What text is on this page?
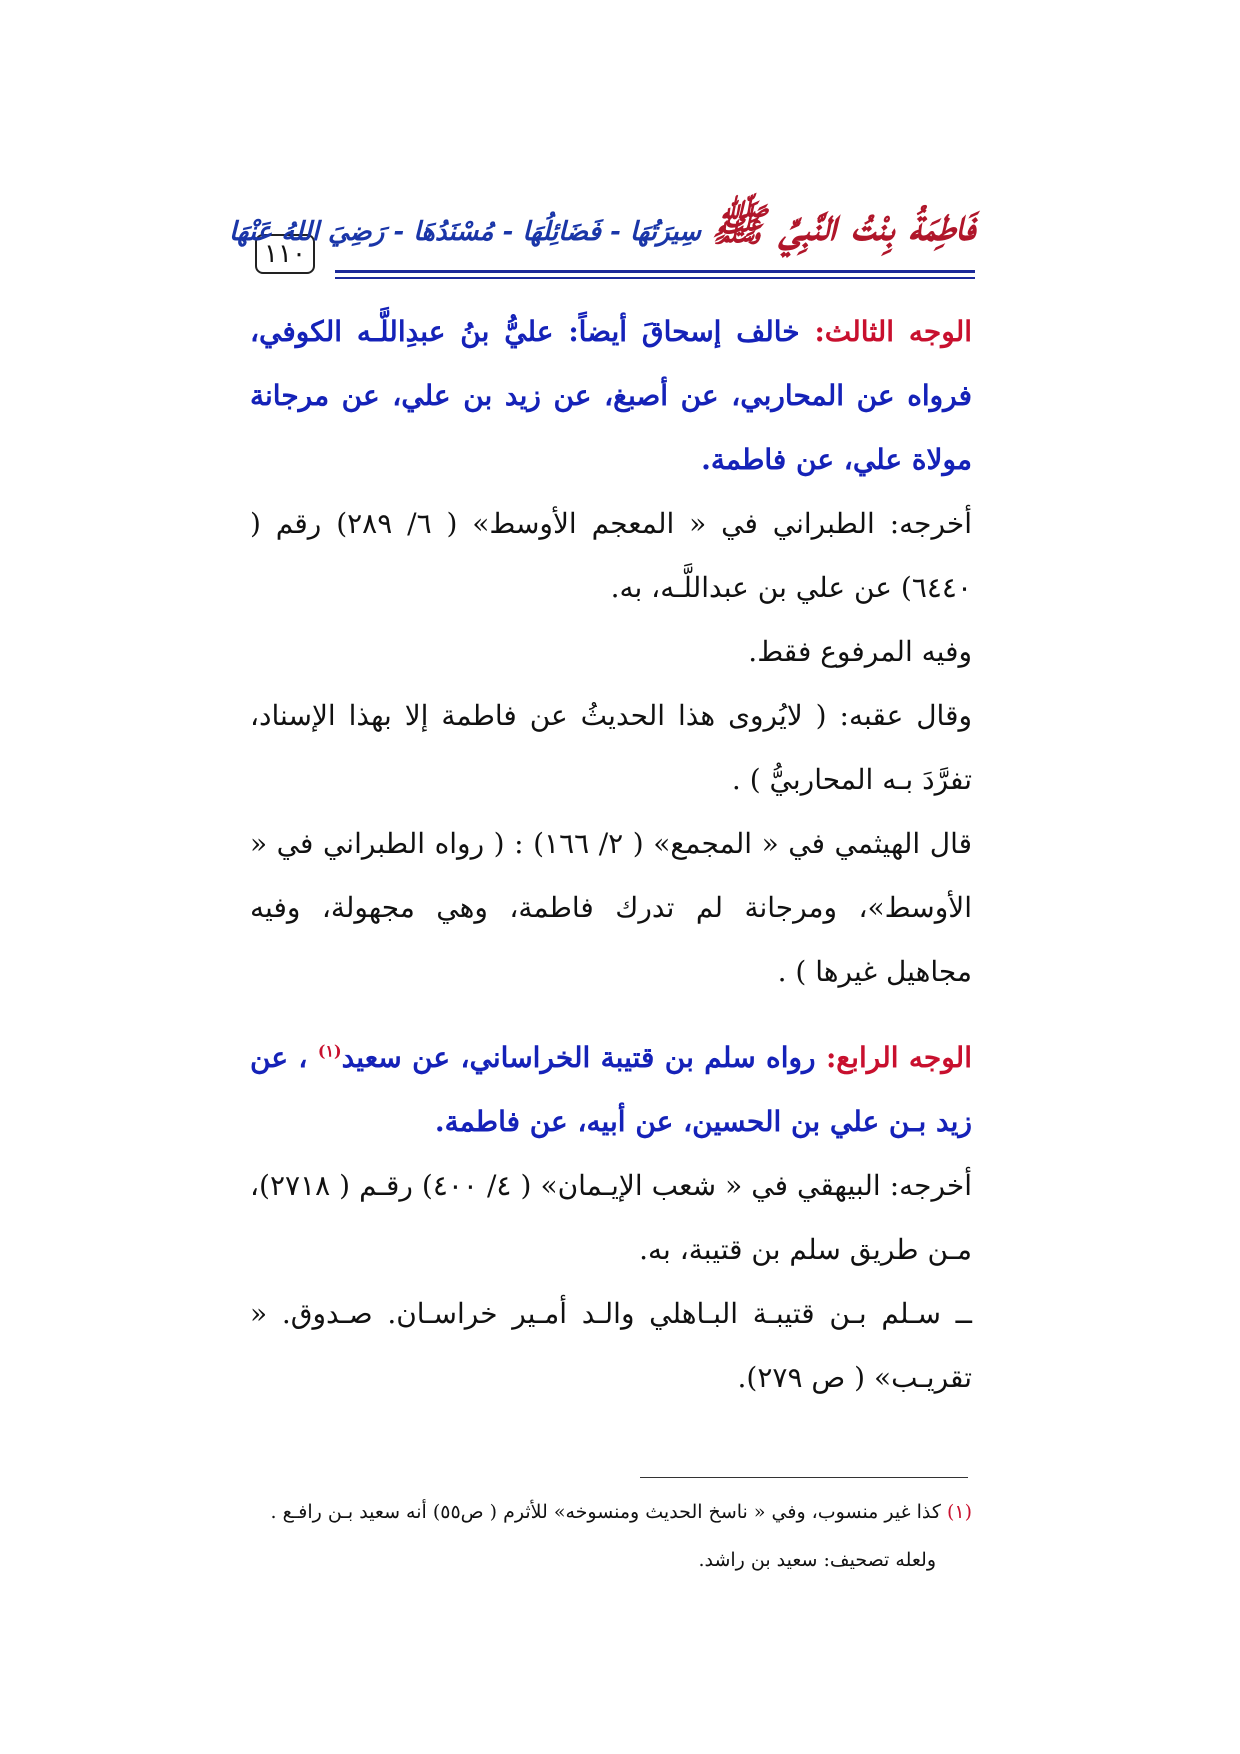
١١٠
فَاطِمَةُ بِنْتُ النَّبِيِّ ﷺسِيرَتُهَا - فَضَائِلُهَا - مُسْنَدُهَا - رَضِيَ اللهُ عَنْهَا

الوجه الثالث: خالف إسحاقَ أيضاً: عليُّ بنُ عبدِاللَّـه الكوفي، فرواه عن المحاربي، عن أصبغ، عن زيد بن علي، عن مرجانة مولاة علي، عن فاطمة.

أخرجه: الطبراني في « المعجم الأوسط» ( ٦/ ٢٨٩) رقم ( ٦٤٤٠) عن علي بن عبداللَّـه، به.

وفيه المرفوع فقط.

وقال عقبه: ( لايُروى هذا الحديثُ عن فاطمة إلا بهذا الإسناد، تفرَّدَ بـه المحاربيُّ ) .

قال الهيثمي في « المجمع» ( ٢/ ١٦٦) : ( رواه الطبراني في « الأوسط»، ومرجانة لم تدرك فاطمة، وهي مجهولة، وفيه مجاهيل غيرها ) .

الوجه الرابع: رواه سلم بن قتيبة الخراساني، عن سعيد$^{(١)}$ ، عن زيد بـن علي بن الحسين، عن أبيه، عن فاطمة.

أخرجه: البيهقي في « شعب الإيـمان» ( ٤/ ٤٠٠) رقـم ( ٢٧١٨)، مـن طريق سلم بن قتيبة، به.

ــ سـلم بـن قتيبـة البـاهلي والـد أمـير خراسـان. صـدوق. « تقريـب» ( ص ٢٧٩).

(١) كذا غير منسوب، وفي « ناسخ الحديث ومنسوخه» للأثرم ( ص٥٥) أنه سعيد بـن رافـع .
ولعله تصحيف: سعيد بن راشد.
